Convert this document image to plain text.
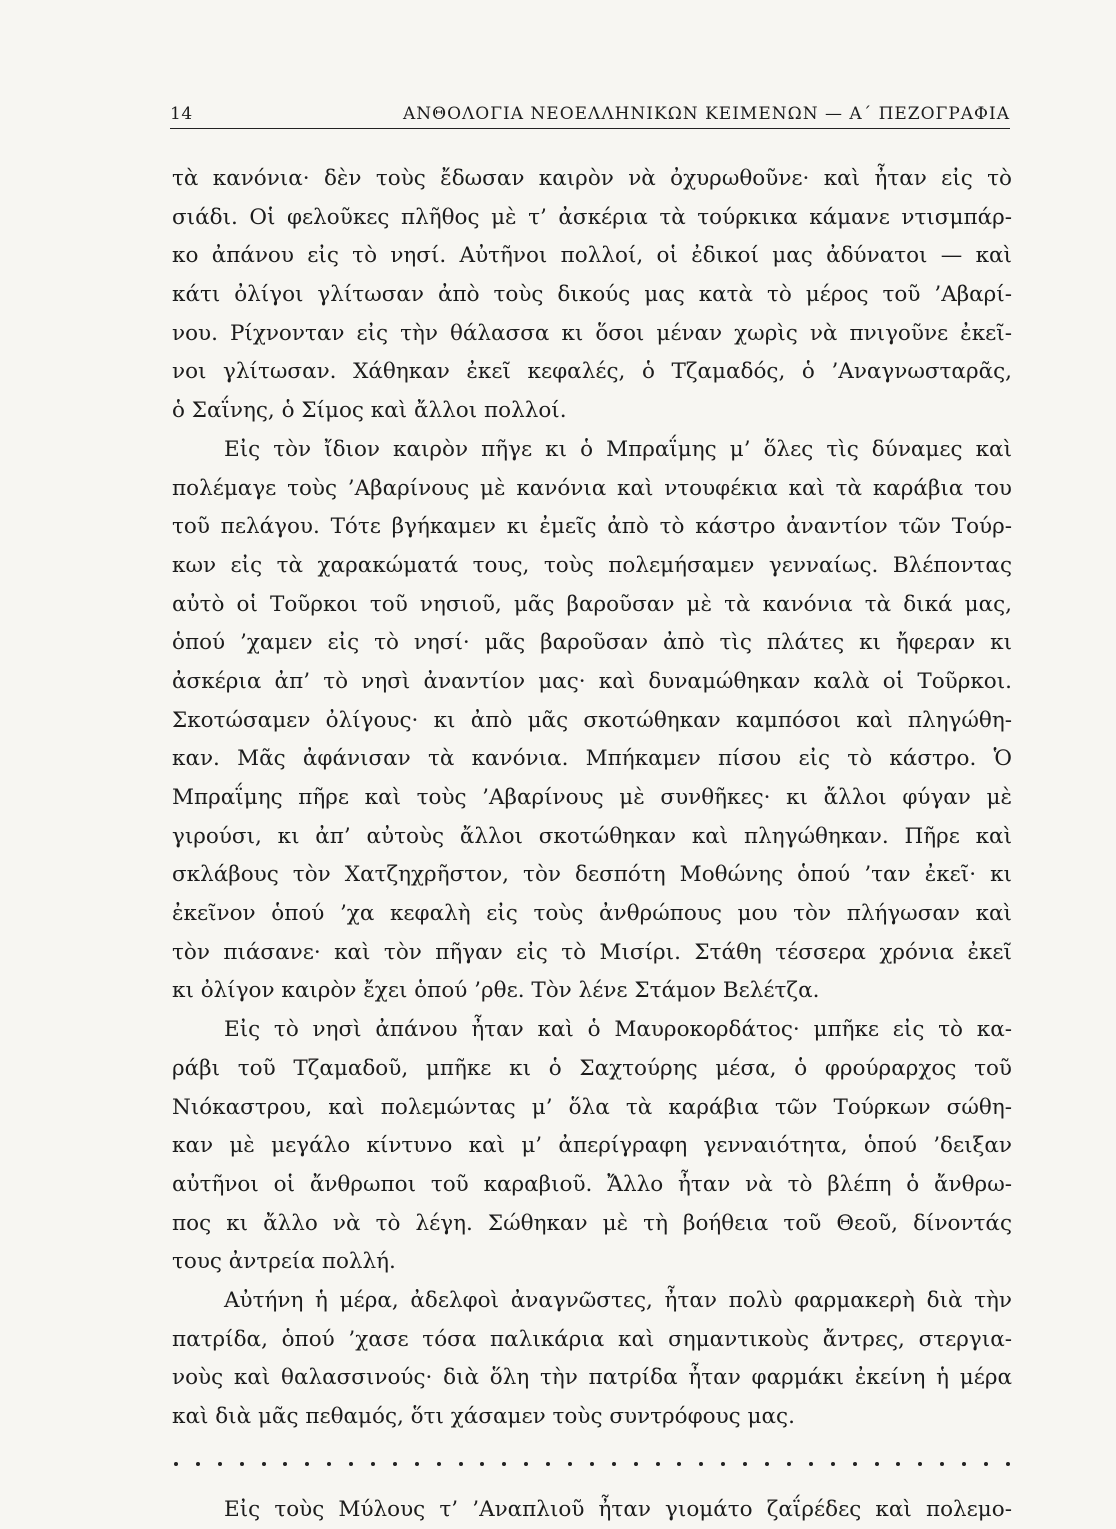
14	ΑΝΘΟΛΟΓΙΑ ΝΕΟΕΛΛΗΝΙΚΩΝ ΚΕΙΜΕΝΩΝ — Α΄ ΠΕΖΟΓΡΑΦΙΑ
τὰ κανόνια· δὲν τοὺς ἔδωσαν καιρὸν νὰ ὀχυρωθοῦνε· καὶ ἦταν εἰς τὸ
σιάδι. Οἱ φελοῦκες πλῆθος μὲ τ’ ἀσκέρια τὰ τούρκικα κάμανε ντισμπάρ-
κο ἀπάνου εἰς τὸ νησί. Αὐτῆνοι πολλοί, οἱ ἐδικοί μας ἀδύνατοι — καὶ
κάτι ὀλίγοι γλίτωσαν ἀπὸ τοὺς δικούς μας κατὰ τὸ μέρος τοῦ ’Αβαρί-
νου. Ρίχνονταν εἰς τὴν θάλασσα κι ὅσοι μέναν χωρὶς νὰ πνιγοῦνε ἐκεῖ-
νοι γλίτωσαν. Χάθηκαν ἐκεῖ κεφαλές, ὁ Τζαμαδός, ὁ ’Αναγνωσταρᾶς,
ὁ Σαΐνης, ὁ Σίμος καὶ ἄλλοι πολλοί.
Εἰς τὸν ἴδιον καιρὸν πῆγε κι ὁ Μπραΐμης μ’ ὅλες τὶς δύναμες καὶ
πολέμαγε τοὺς ’Αβαρίνους μὲ κανόνια καὶ ντουφέκια καὶ τὰ καράβια του
τοῦ πελάγου. Τότε βγήκαμεν κι ἐμεῖς ἀπὸ τὸ κάστρο ἀναντίον τῶν Τούρ-
κων εἰς τὰ χαρακώματά τους, τοὺς πολεμήσαμεν γενναίως. Βλέποντας
αὐτὸ οἱ Τοῦρκοι τοῦ νησιοῦ, μᾶς βαροῦσαν μὲ τὰ κανόνια τὰ δικά μας,
ὁπού ’χαμεν εἰς τὸ νησί· μᾶς βαροῦσαν ἀπὸ τὶς πλάτες κι ἤφεραν κι
ἀσκέρια ἀπ’ τὸ νησὶ ἀναντίον μας· καὶ δυναμώθηκαν καλὰ οἱ Τοῦρκοι.
Σκοτώσαμεν ὀλίγους· κι ἀπὸ μᾶς σκοτώθηκαν καμπόσοι καὶ πληγώθη-
καν. Μᾶς ἀφάνισαν τὰ κανόνια. Μπήκαμεν πίσου εἰς τὸ κάστρο. Ὁ
Μπραΐμης πῆρε καὶ τοὺς ’Αβαρίνους μὲ συνθῆκες· κι ἄλλοι φύγαν μὲ
γιρούσι, κι ἀπ’ αὐτοὺς ἄλλοι σκοτώθηκαν καὶ πληγώθηκαν. Πῆρε καὶ
σκλάβους τὸν Χατζηχρῆστον, τὸν δεσπότη Μοθώνης ὁπού ’ταν ἐκεῖ· κι
ἐκεῖνον ὁπού ’χα κεφαλὴ εἰς τοὺς ἀνθρώπους μου τὸν πλήγωσαν καὶ
τὸν πιάσανε· καὶ τὸν πῆγαν εἰς τὸ Μισίρι. Στάθη τέσσερα χρόνια ἐκεῖ
κι ὀλίγον καιρὸν ἔχει ὁπού ’ρθε. Τὸν λένε Στάμον Βελέτζα.
Εἰς τὸ νησὶ ἀπάνου ἦταν καὶ ὁ Μαυροκορδάτος· μπῆκε εἰς τὸ κα-
ράβι τοῦ Τζαμαδοῦ, μπῆκε κι ὁ Σαχτούρης μέσα, ὁ φρούραρχος τοῦ
Νιόκαστρου, καὶ πολεμώντας μ’ ὅλα τὰ καράβια τῶν Τούρκων σώθη-
καν μὲ μεγάλο κίντυνο καὶ μ’ ἀπερίγραφη γενναιότητα, ὁπού ’δειξαν
αὐτῆνοι οἱ ἄνθρωποι τοῦ καραβιοῦ. Ἄλλο ἦταν νὰ τὸ βλέπη ὁ ἄνθρω-
πος κι ἄλλο νὰ τὸ λέγη. Σώθηκαν μὲ τὴ βοήθεια τοῦ Θεοῦ, δίνοντάς
τους ἀντρεία πολλή.
Αὐτήνη ἡ μέρα, ἀδελφοὶ ἀναγνῶστες, ἦταν πολὺ φαρμακερὴ διὰ τὴν
πατρίδα, ὁπού ’χασε τόσα παλικάρια καὶ σημαντικοὺς ἄντρες, στεργια-
νοὺς καὶ θαλασσινούς· διὰ ὅλη τὴν πατρίδα ἦταν φαρμάκι ἐκείνη ἡ μέρα
καὶ διὰ μᾶς πεθαμός, ὅτι χάσαμεν τοὺς συντρόφους μας.
Εἰς τοὺς Μύλους τ’ ’Αναπλιοῦ ἦταν γιομάτο ζαΐρέδες καὶ πολεμο-
